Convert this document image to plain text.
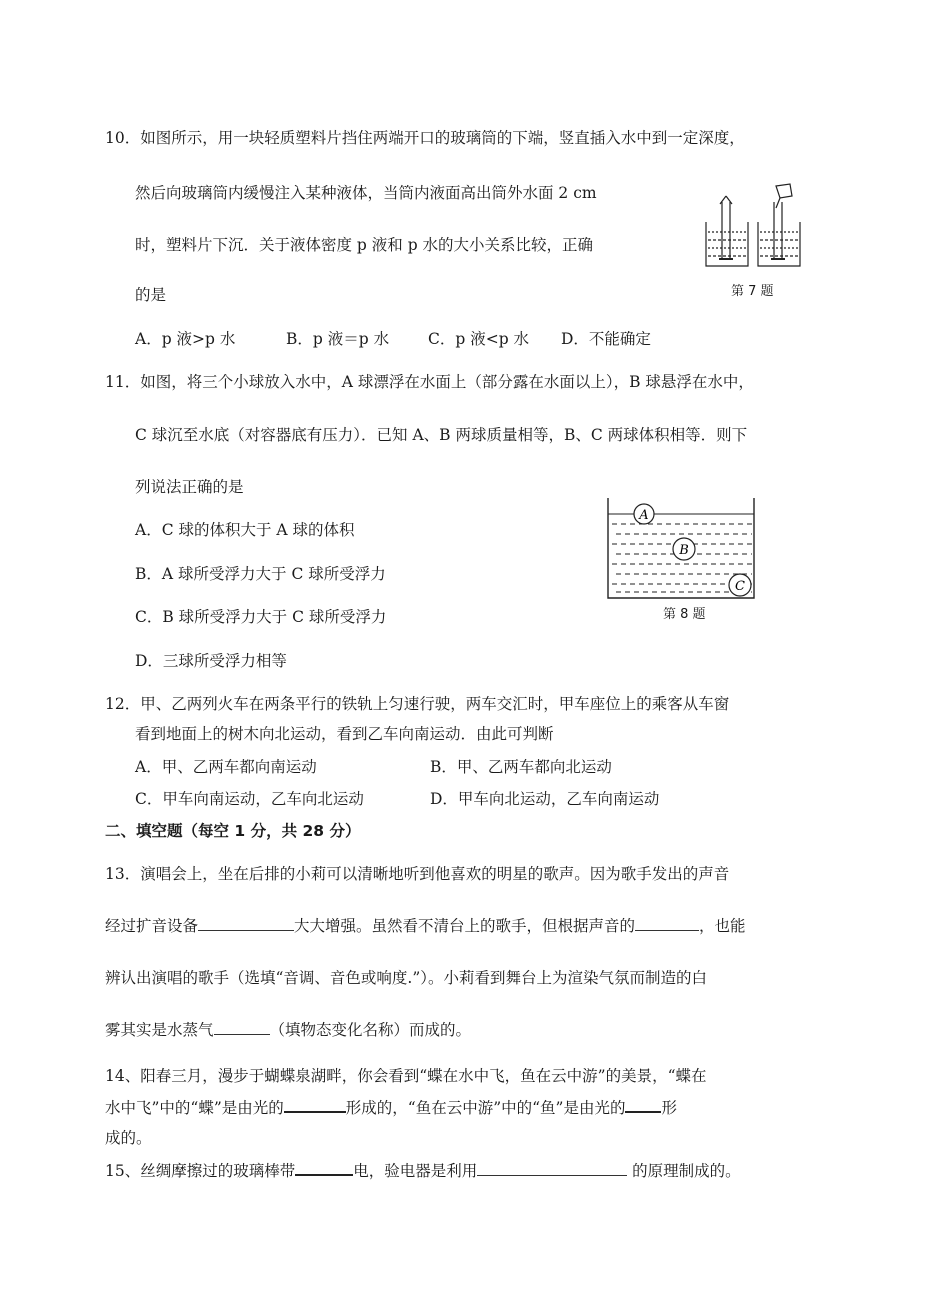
10．如图所示，用一块轻质塑料片挡住两端开口的玻璃筒的下端，竖直插入水中到一定深度，
然后向玻璃筒内缓慢注入某种液体，当筒内液面高出筒外水面 2 cm
时，塑料片下沉．关于液体密度 p 液和 p 水的大小关系比较，正确
的是	第 7 题
A．p 液>p 水	B．p 液＝p 水	C．p 液<p 水 D．不能确定
11．如图，将三个小球放入水中，A 球漂浮在水面上（部分露在水面以上），B 球悬浮在水中，
C 球沉至水底（对容器底有压力）．已知 A、B 两球质量相等，B、C 两球体积相等．则下
列说法正确的是
A．C 球的体积大于 A 球的体积
B．A 球所受浮力大于 C 球所受浮力
C．B 球所受浮力大于 C 球所受浮力
D．三球所受浮力相等
A
B
C
第 8 题
12．甲、乙两列火车在两条平行的铁轨上匀速行驶，两车交汇时，甲车座位上的乘客从车窗
看到地面上的树木向北运动，看到乙车向南运动．由此可判断
A．甲、乙两车都向南运动	B．甲、乙两车都向北运动
C．甲车向南运动，乙车向北运动	D．甲车向北运动，乙车向南运动
二、填空题（每空 1 分，共 28 分）
13．演唱会上，坐在后排的小莉可以清晰地听到他喜欢的明星的歌声。因为歌手发出的声音
经过扩音设备	大大增强。虽然看不清台上的歌手，但根据声音的	，也能
辨认出演唱的歌手（选填“音调、音色或响度.”）。小莉看到舞台上为渲染气氛而制造的白
雾其实是水蒸气	（填物态变化名称）而成的。
14、阳春三月，漫步于蝴蝶泉湖畔，你会看到“蝶在水中飞，鱼在云中游”的美景，“蝶在
水中飞”中的“蝶”是由光的	形成的，“鱼在云中游”中的“鱼”是由光的 形
成的。
15、丝绸摩擦过的玻璃棒带	电，验电器是利用	的原理制成的。
